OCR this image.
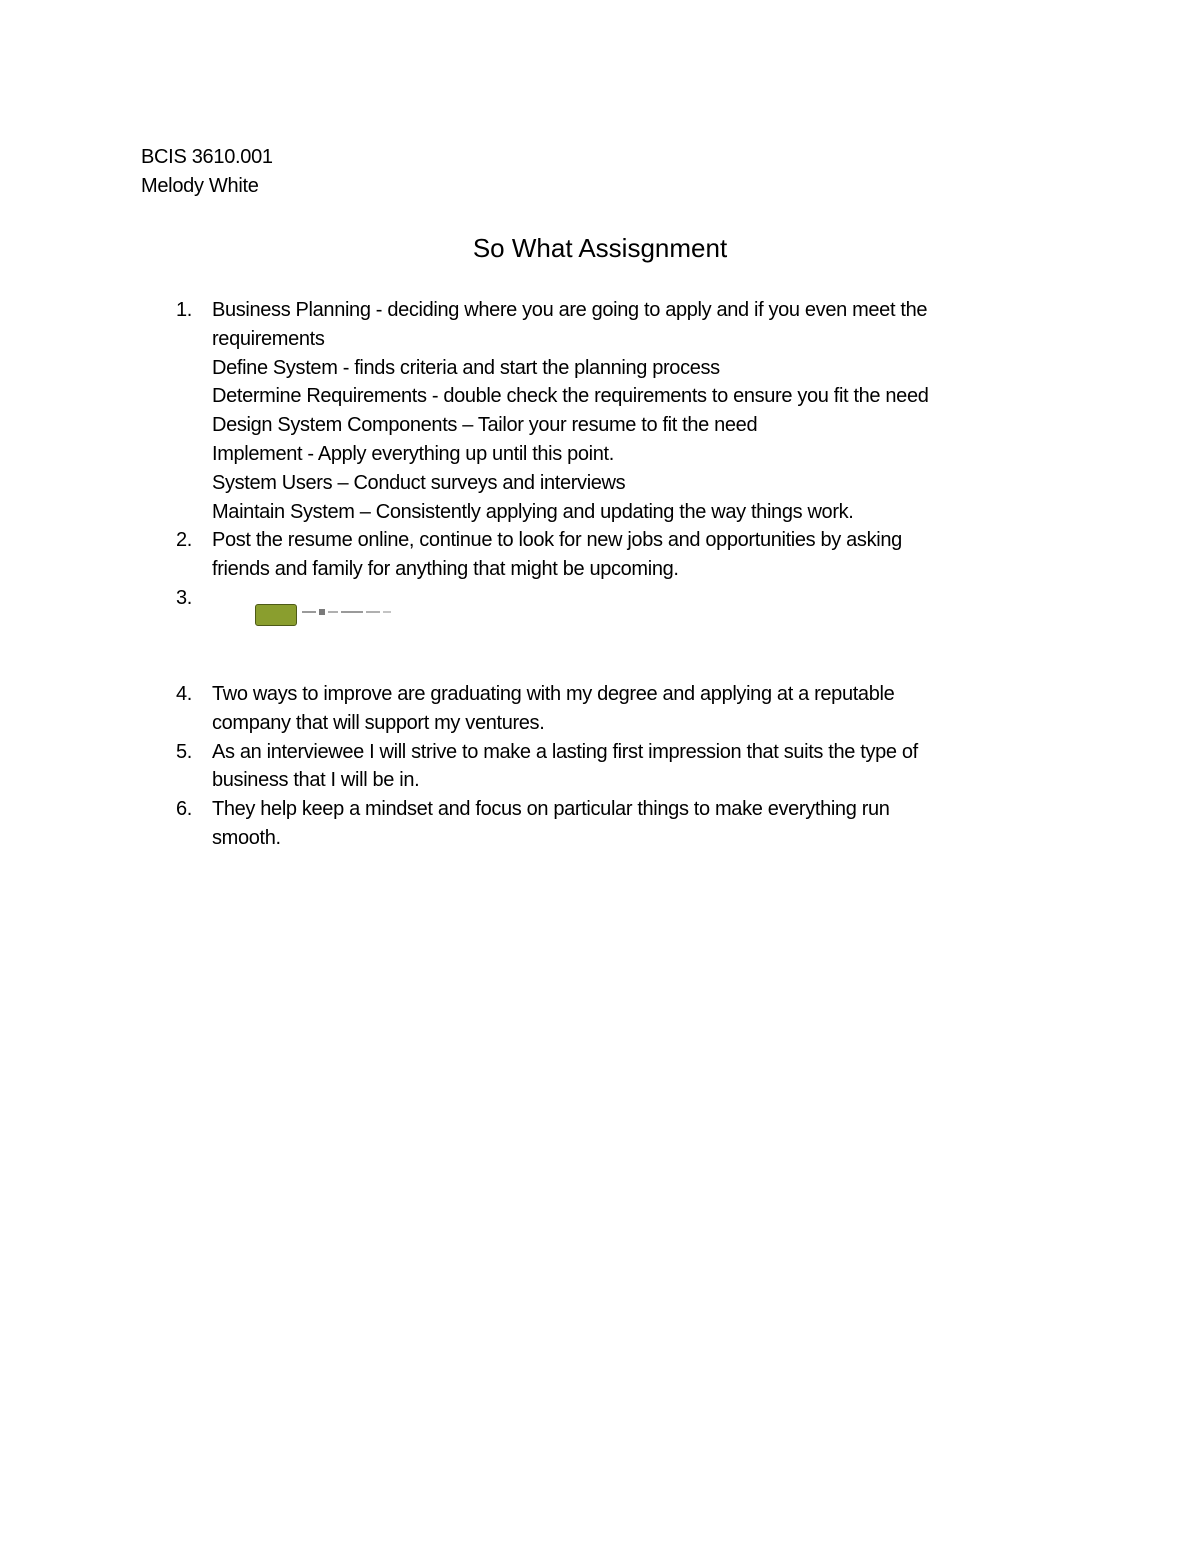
BCIS 3610.001
Melody White
So What Assisgnment
1. Business Planning - deciding where you are going to apply and if you even meet the
requirements
Define System - finds criteria and start the planning process
Determine Requirements - double check the requirements to ensure you fit the need
Design System Components – Tailor your resume to fit the need
Implement - Apply everything up until this point.
System Users – Conduct surveys and interviews
Maintain System – Consistently applying and updating the way things work.
2. Post the resume online, continue to look for new jobs and opportunities by asking
friends and family for anything that might be upcoming.
3.
4. Two ways to improve are graduating with my degree and applying at a reputable
company that will support my ventures.
5. As an interviewee I will strive to make a lasting first impression that suits the type of
business that I will be in.
6. They help keep a mindset and focus on particular things to make everything run
smooth.
